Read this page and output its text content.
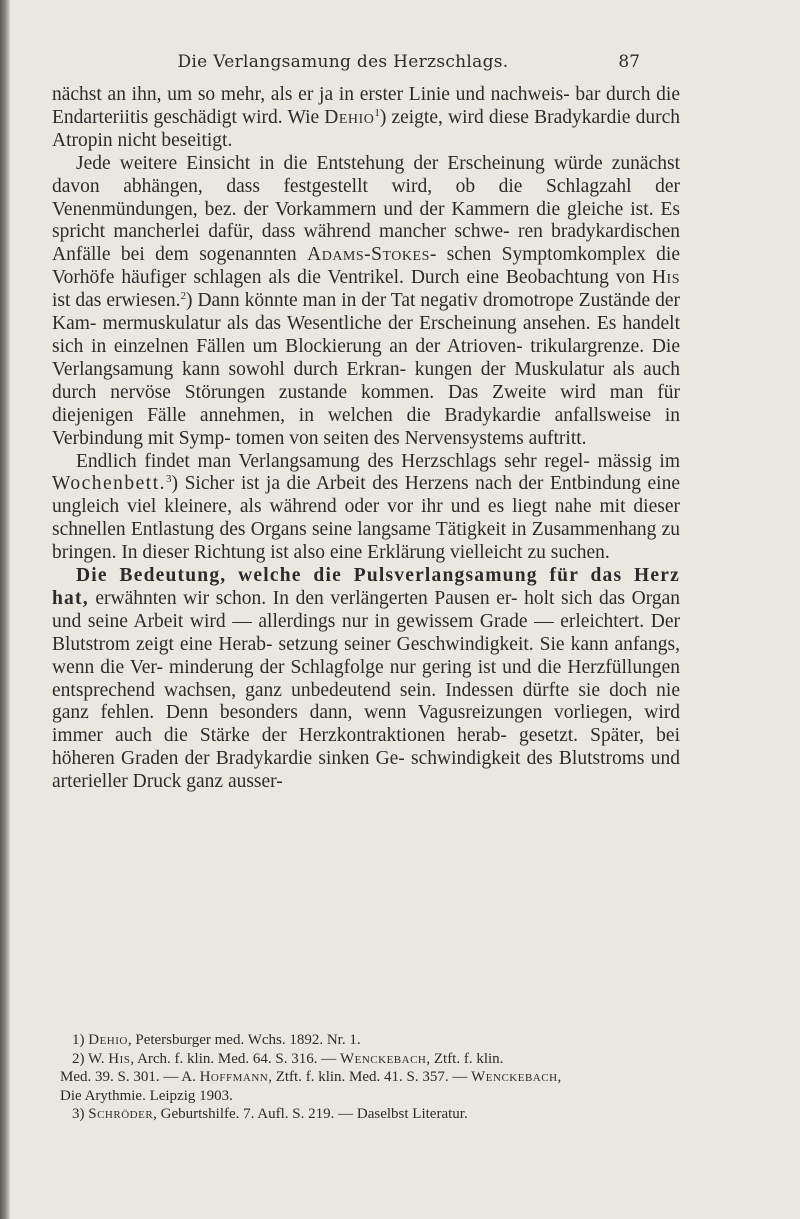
Die Verlangsamung des Herzschlags.	87

nächst an ihn, um so mehr, als er ja in erster Linie und nachweis- bar durch die Endarteriitis geschädigt wird. Wie Dehio$^1$) zeigte, wird diese Bradykardie durch Atropin nicht beseitigt.

Jede weitere Einsicht in die Entstehung der Erscheinung würde zunächst davon abhängen, dass festgestellt wird, ob die Schlagzahl der Venenmündungen, bez. der Vorkammern und der Kammern die gleiche ist. Es spricht mancherlei dafür, dass während mancher schwe- ren bradykardischen Anfälle bei dem sogenannten Adams-Stokes- schen Symptomkomplex die Vorhöfe häufiger schlagen als die Ventrikel. Durch eine Beobachtung von His ist das erwiesen.$^2$) Dann könnte man in der Tat negativ dromotrope Zustände der Kam- mermuskulatur als das Wesentliche der Erscheinung ansehen. Es handelt sich in einzelnen Fällen um Blockierung an der Atrioven- trikulargrenze. Die Verlangsamung kann sowohl durch Erkran- kungen der Muskulatur als auch durch nervöse Störungen zustande kommen. Das Zweite wird man für diejenigen Fälle annehmen, in welchen die Bradykardie anfallsweise in Verbindung mit Symp- tomen von seiten des Nervensystems auftritt.

Endlich findet man Verlangsamung des Herzschlags sehr regel- mässig im Wochenbett.$^3$) Sicher ist ja die Arbeit des Herzens nach der Entbindung eine ungleich viel kleinere, als während oder vor ihr und es liegt nahe mit dieser schnellen Entlastung des Organs seine langsame Tätigkeit in Zusammenhang zu bringen. In dieser Richtung ist also eine Erklärung vielleicht zu suchen.

Die Bedeutung, welche die Pulsverlangsamung für das Herz hat, erwähnten wir schon. In den verlängerten Pausen er- holt sich das Organ und seine Arbeit wird — allerdings nur in gewissem Grade — erleichtert. Der Blutstrom zeigt eine Herab- setzung seiner Geschwindigkeit. Sie kann anfangs, wenn die Ver- minderung der Schlagfolge nur gering ist und die Herzfüllungen entsprechend wachsen, ganz unbedeutend sein. Indessen dürfte sie doch nie ganz fehlen. Denn besonders dann, wenn Vagusreizungen vorliegen, wird immer auch die Stärke der Herzkontraktionen herab- gesetzt. Später, bei höheren Graden der Bradykardie sinken Ge- schwindigkeit des Blutstroms und arterieller Druck ganz ausser-

1) Dehio, Petersburger med. Wchs. 1892. Nr. 1.

2) W. His, Arch. f. klin. Med. 64. S. 316. — Wenckebach, Ztft. f. klin.

Med. 39. S. 301. — A. Hoffmann, Ztft. f. klin. Med. 41. S. 357. — Wenckebach,

Die Arythmie. Leipzig 1903.

3) Schröder, Geburtshilfe. 7. Aufl. S. 219. — Daselbst Literatur.
